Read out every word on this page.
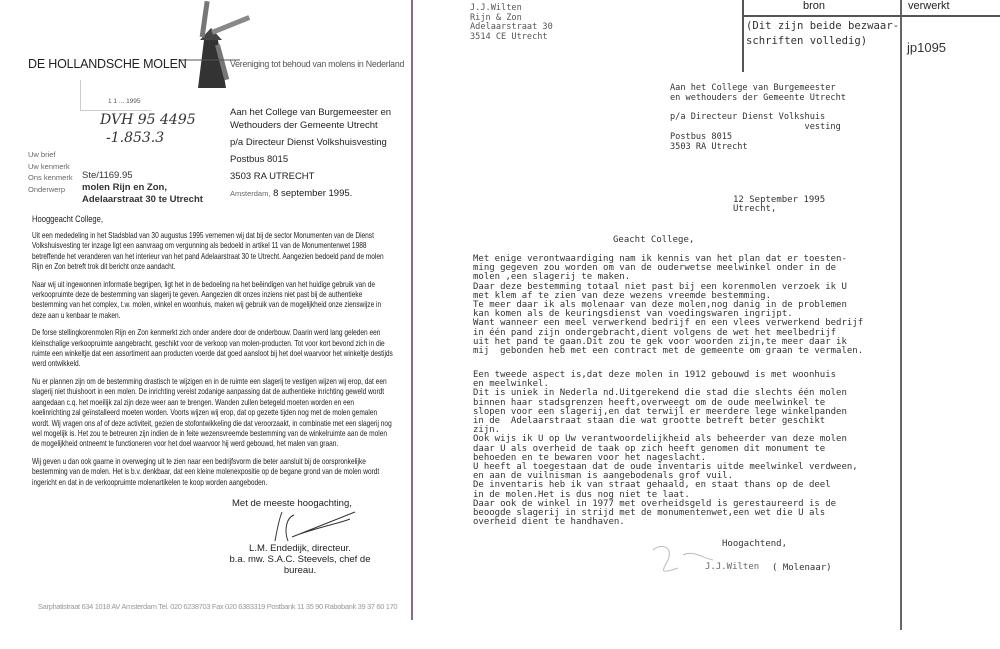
DE HOLLANDSCHE MOLEN	Vereniging tot behoud van molens in Nederland
1 1 ... 1995
DVH 95 4495
-1.853.3
Uw brief
Uw kenmerk
Ons kenmerk Ste/1169.95
Onderwerp molen Rijn en Zon,
Adelaarstraat 30 te Utrecht
Aan het College van Burgemeester en
Wethouders der Gemeente Utrecht
p/a Directeur Dienst Volkshuisvesting
Postbus 8015
3503 RA UTRECHT
Amsterdam, 8 september 1995.

Hooggeacht College,

Uit een mededeling in het Stadsblad van 30 augustus 1995 vernemen wij dat bij de sector Monumenten van de Dienst Volkshuisvesting ter inzage ligt een aanvraag om vergunning als bedoeld in artikel 11 van de Monumentenwet 1988 betreffende het veranderen van het interieur van het pand Adelaarstraat 30 te Utrecht. Aangezien bedoeld pand de molen Rijn en Zon betreft trok dit bericht onze aandacht.

Naar wij uit ingewonnen informatie begrijpen, ligt het in de bedoeling na het beëindigen van het huidige gebruik van de verkoopruimte deze de bestemming van slagerij te geven. Aangezien dit onzes inziens niet past bij de authentieke bestemming van het complex, t.w. molen, winkel en woonhuis, maken wij gebruik van de mogelijkheid onze zienswijze in deze aan u kenbaar te maken.

De forse stellingkorenmolen Rijn en Zon kenmerkt zich onder andere door de onderbouw. Daarin werd lang geleden een kleinschalige verkoopruimte aangebracht, geschikt voor de verkoop van molen-producten. Tot voor kort bevond zich in die ruimte een winkeltje dat een assortiment aan producten voerde dat goed aansloot bij het doel waarvoor het winkeltje destijds werd ontwikkeld.

Nu er plannen zijn om de bestemming drastisch te wijzigen en in de ruimte een slagerij te vestigen wijzen wij erop, dat een slagerij niet thuishoort in een molen. De inrichting vereist zodanige aanpassing dat de authentieke inrichting geweld wordt aangedaan c.q. het moeilijk zal zijn deze weer aan te brengen. Wanden zullen betegeld moeten worden en een koelinrichting zal geïnstalleerd moeten worden. Voorts wijzen wij erop, dat op gezette tijden nog met de molen gemalen wordt. Wij vragen ons af of deze activiteit, gezien de stofontwikkeling die dat veroorzaakt, in combinatie met een slagerij nog wel mogelijk is. Het zou te betreuren zijn indien de in feite wezensvreemde bestemming van de winkelruimte aan de molen de mogelijkheid ontneemt te functioneren voor het doel waarvoor hij werd gebouwd, het malen van graan.

Wij geven u dan ook gaarne in overweging uit te zien naar een bedrijfsvorm die beter aansluit bij de oorspronkelijke bestemming van de molen. Het is b.v. denkbaar, dat een kleine molenexpositie op de begane grond van de molen wordt ingericht en dat in de verkoopruimte molenartikelen te koop worden aangeboden.

Met de meeste hoogachting,
L.M. Endedijk, directeur.
b.a. mw. S.A.C. Steevels, chef de bureau.
Sarphatistraat 634 1018 AV Amsterdam Tel. 020 6238703 Fax 020 6383319 Postbank 11 35 90 Rabobank 39 37 60 170
bron	verwerkt
(Dit zijn beide bezwaar-
schriften volledig)	jp1095
J.J.Wilten
Rijn & Zon
Adelaarstraat 30
3514 CE Utrecht
Aan het College van Burgemeester
en wethouders der Gemeente Utrecht

p/a Directeur Dienst Volkshuis
vesting
Postbus 8015
3503 RA Utrecht
12 September 1995
Utrecht,
Geacht College,
Met enige verontwaardiging nam ik kennis van het plan dat er toesten-
ming gegeven zou worden om van de ouderwetse meelwinkel onder in de
molen ,een slagerij te maken.
Daar deze bestemming totaal niet past bij een korenmolen verzoek ik U
met klem af te zien van deze wezens vreemde bestemming.
Te meer daar ik als molenaar van deze molen,nog danig in de problemen
kan komen als de keuringsdienst van voedingswaren ingrijpt.
Want wanneer een meel verwerkend bedrijf en een vlees verwerkend bedrijf
in één pand zijn ondergebracht,dient volgens de wet het meelbedrijf
uit het pand te gaan.Dit zou te gek voor woorden zijn,te meer daar ik
mij  gebonden heb met een contract met de gemeente om graan te vermalen.
Een tweede aspect is,dat deze molen in 1912 gebouwd is met woonhuis
en meelwinkel.
Dit is uniek in Nederla nd.Uitgerekend die stad die slechts één molen
binnen haar stadsgrenzen heeft,overweegt om de oude meelwinkel te
slopen voor een slagerij,en dat terwijl er meerdere lege winkelpanden
in de  Adelaarstraat staan die wat grootte betreft beter geschikt
zijn.
Ook wijs ik U op Uw verantwoordelijkheid als beheerder van deze molen
daar U als overheid de taak op zich heeft genomen dit monument te
behoeden en te bewaren voor het nageslacht.
U heeft al toegestaan dat de oude inventaris uitde meelwinkel verdween,
en aan de vuilnisman is aangebodenals grof vuil.
De inventaris heb ik van straat gehaald, en staat thans op de deel
in de molen.Het is dus nog niet te laat.
Daar ook de winkel in 1977 met overheidsgeld is gerestaureerd is de
beoogde slagerij in strijd met de monumentenwet,een wet die U als
overheid dient te handhaven.
Hoogachtend,
J.J.Wilten ( Molenaar)
